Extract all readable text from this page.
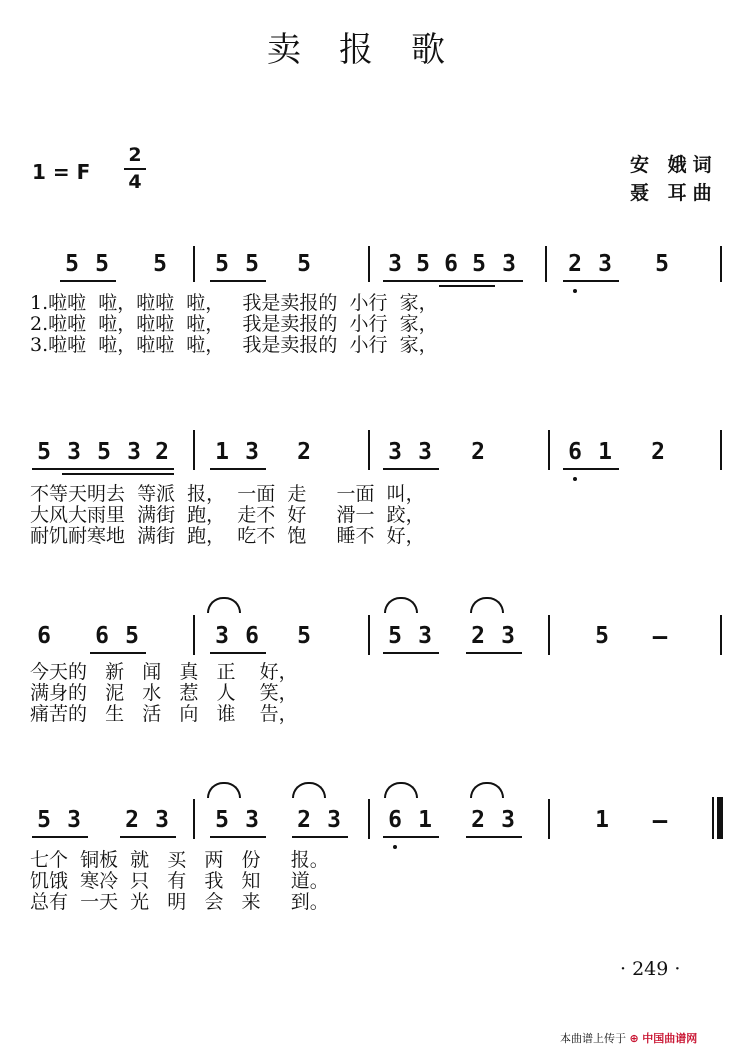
卖报歌
1 = F
2
4
安 娥词
聂 耳曲
5 5 5 5 5 5	3 5 6 5 3 2 3 5
1.啦啦  啦，啦啦  啦，   我是卖报的  小行  家，
2.啦啦  啦，啦啦  啦，   我是卖报的  小行  家，
3.啦啦  啦，啦啦  啦，   我是卖报的  小行  家，
5 3 5 3 2 1 3 2	3 3 2	6 1 2
不等天明去  等派  报，  一面  走     一面  叫，
大风大雨里  满街  跑，  走不  好     滑一  跤，
耐饥耐寒地  满街  跑，  吃不  饱     睡不  好，
6 6 5	3 6 5	5 3 2 3	5 –
今天的   新   闻   真   正    好，
满身的   泥   水   惹   人    笑，
痛苦的   生   活   向   谁    告，
5 3 2 3 5 3 2 3 6 1 2 3	1 –
七个  铜板  就   买   两   份     报。
饥饿  寒冷  只   有   我   知     道。
总有  一天  光   明   会   来     到。
· 249 ·
本曲谱上传于 ⊕ 中国曲谱网
